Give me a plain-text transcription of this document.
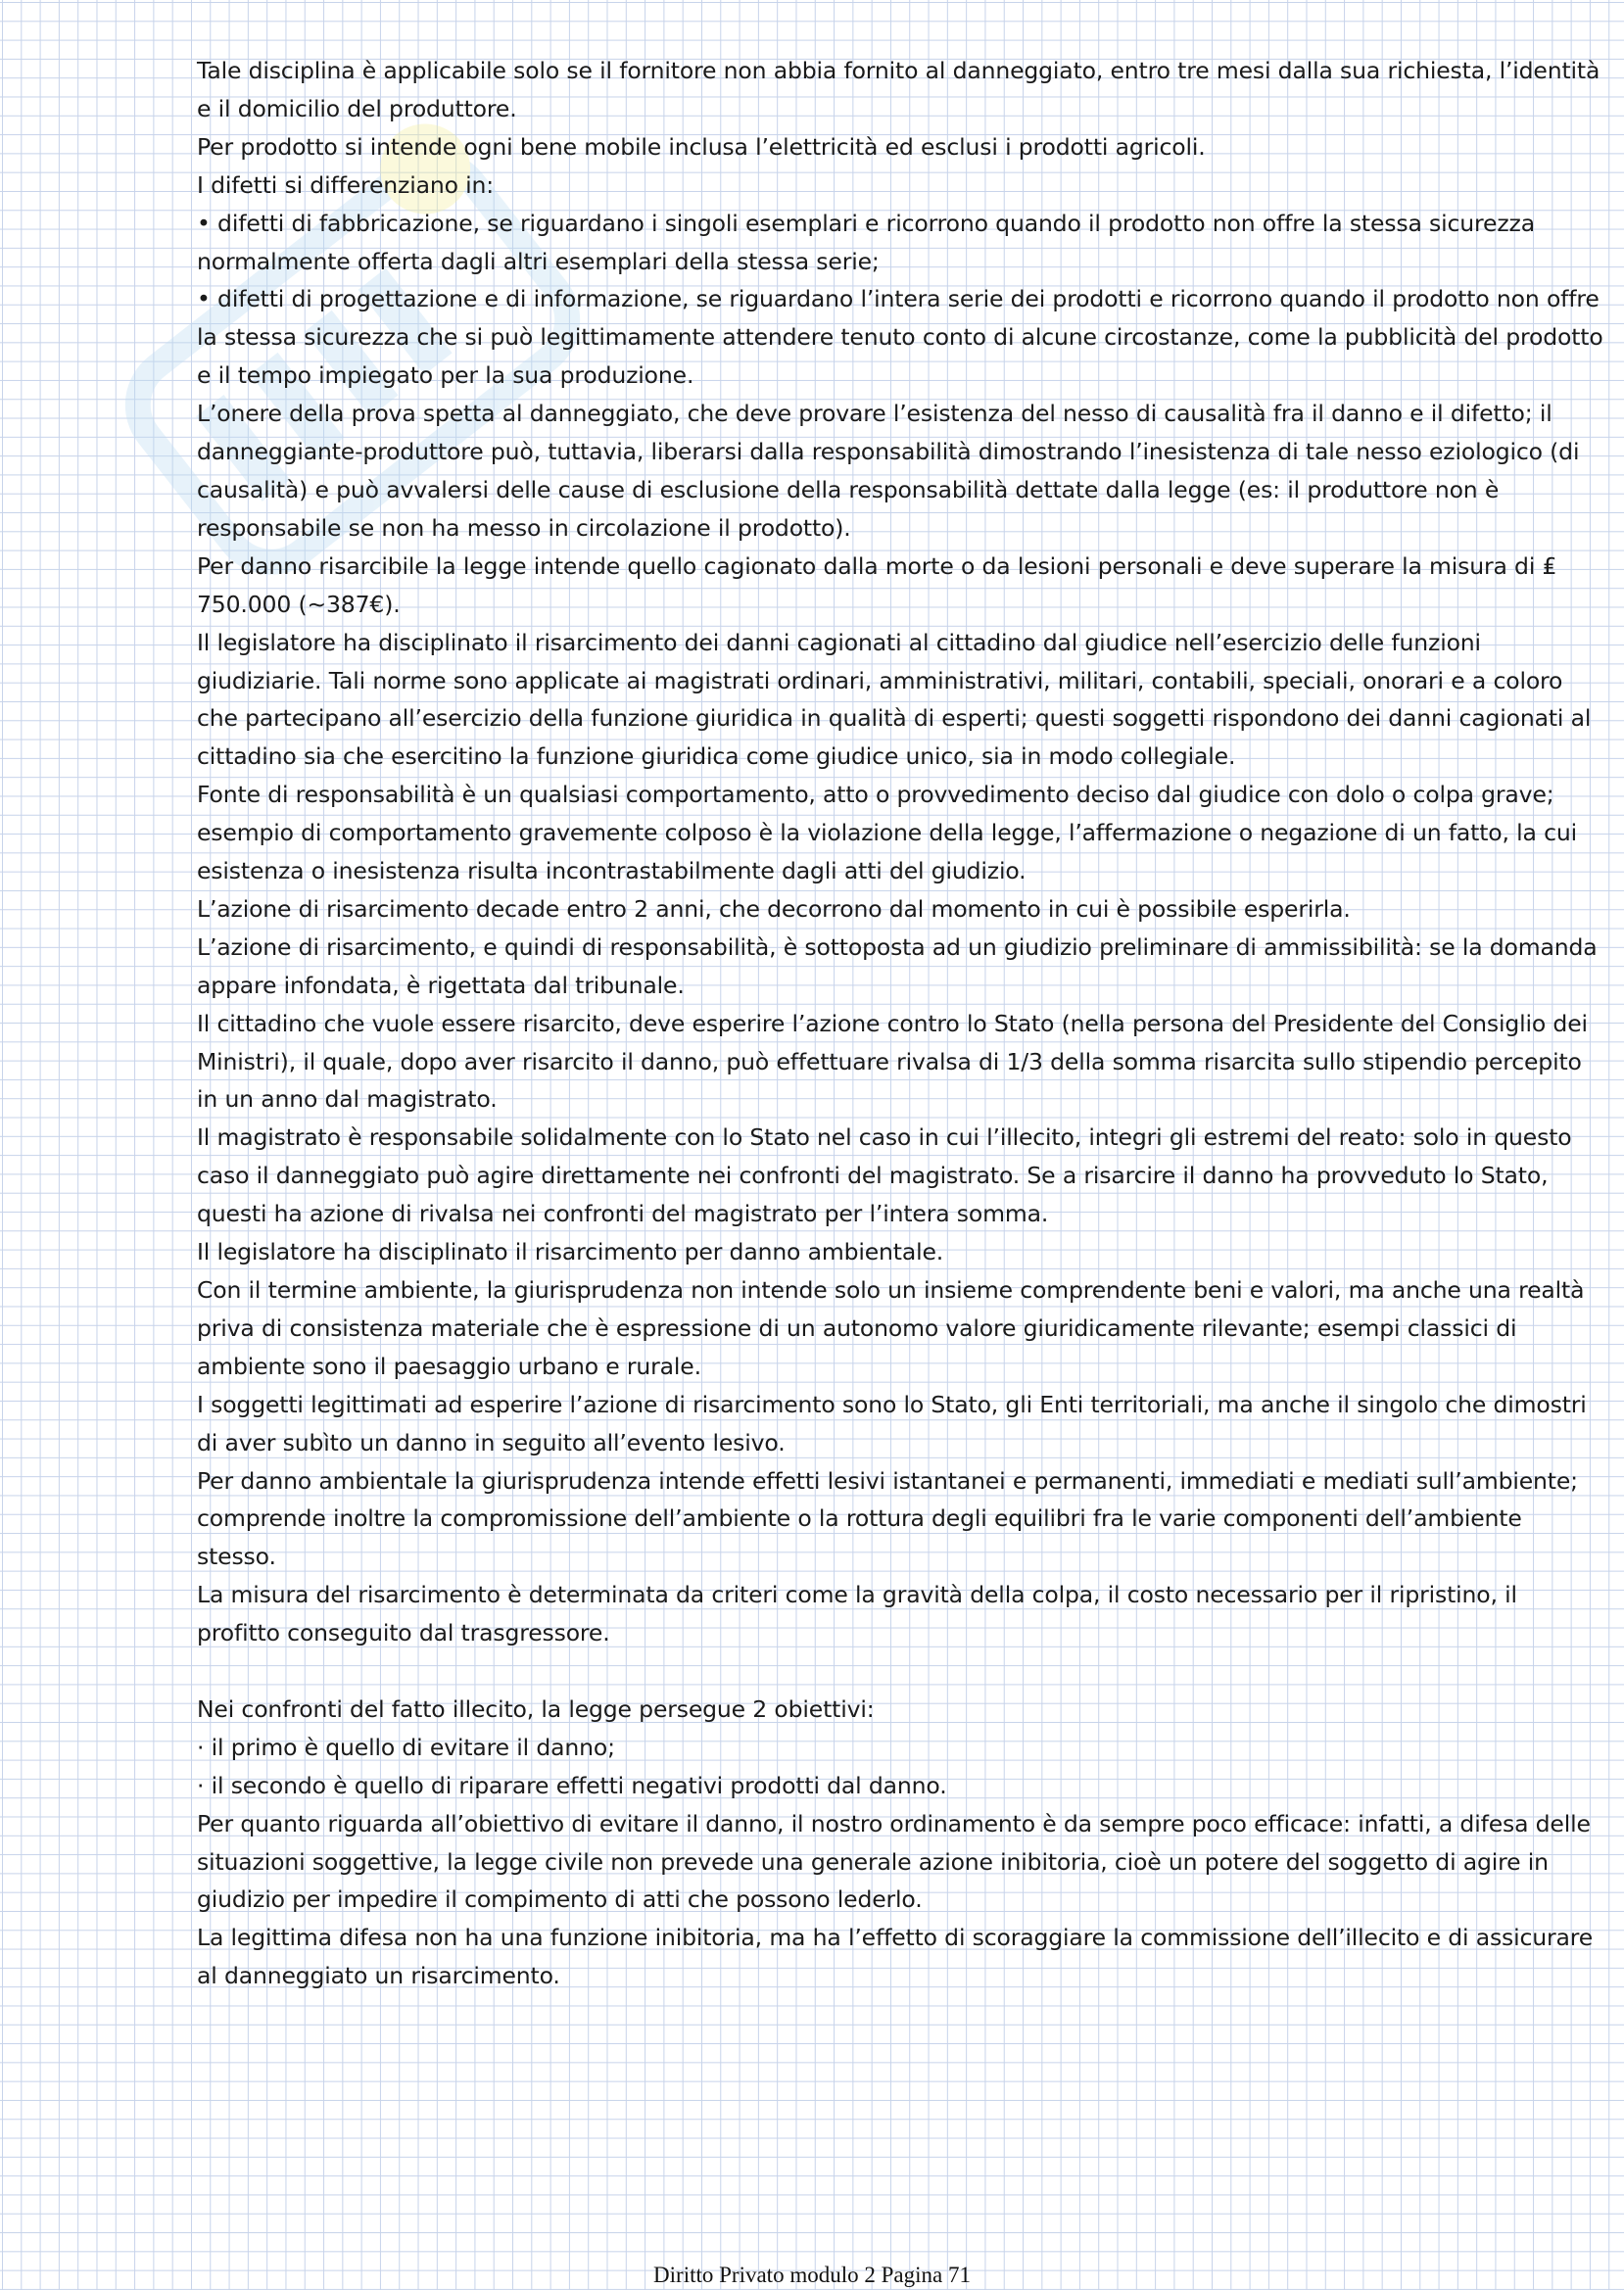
Tale disciplina è applicabile solo se il fornitore non abbia fornito al danneggiato, entro tre mesi dalla sua richiesta, l’identità e il domicilio del produttore.

Per prodotto si intende ogni bene mobile inclusa l’elettricità ed esclusi i prodotti agricoli.

I difetti si differenziano in:

• difetti di fabbricazione, se riguardano i singoli esemplari e ricorrono quando il prodotto non offre la stessa sicurezza normalmente offerta dagli altri esemplari della stessa serie;

• difetti di progettazione e di informazione, se riguardano l’intera serie dei prodotti e ricorrono quando il prodotto non offre la stessa sicurezza che si può legittimamente attendere tenuto conto di alcune circostanze, come la pubblicità del prodotto e il tempo impiegato per la sua produzione.

L’onere della prova spetta al danneggiato, che deve provare l’esistenza del nesso di causalità fra il danno e il difetto; il danneggiante-produttore può, tuttavia, liberarsi dalla responsabilità dimostrando l’inesistenza di tale nesso eziologico (di causalità) e può avvalersi delle cause di esclusione della responsabilità dettate dalla legge (es: il produttore non è responsabile se non ha messo in circolazione il prodotto).

Per danno risarcibile la legge intende quello cagionato dalla morte o da lesioni personali e deve superare la misura di ₤ 750.000 (∼387€).

Il legislatore ha disciplinato il risarcimento dei danni cagionati al cittadino dal giudice nell’esercizio delle funzioni giudiziarie. Tali norme sono applicate ai magistrati ordinari, amministrativi, militari, contabili, speciali, onorari e a coloro che partecipano all’esercizio della funzione giuridica in qualità di esperti; questi soggetti rispondono dei danni cagionati al cittadino sia che esercitino la funzione giuridica come giudice unico, sia in modo collegiale.

Fonte di responsabilità è un qualsiasi comportamento, atto o provvedimento deciso dal giudice con dolo o colpa grave; esempio di comportamento gravemente colposo è la violazione della legge, l’affermazione o negazione di un fatto, la cui esistenza o inesistenza risulta incontrastabilmente dagli atti del giudizio.

L’azione di risarcimento decade entro 2 anni, che decorrono dal momento in cui è possibile esperirla.

L’azione di risarcimento, e quindi di responsabilità, è sottoposta ad un giudizio preliminare di ammissibilità: se la domanda appare infondata, è rigettata dal tribunale.

Il cittadino che vuole essere risarcito, deve esperire l’azione contro lo Stato (nella persona del Presidente del Consiglio dei Ministri), il quale, dopo aver risarcito il danno, può effettuare rivalsa di 1/3 della somma risarcita sullo stipendio percepito in un anno dal magistrato.

Il magistrato è responsabile solidalmente con lo Stato nel caso in cui l’illecito, integri gli estremi del reato: solo in questo caso il danneggiato può agire direttamente nei confronti del magistrato. Se a risarcire il danno ha provveduto lo Stato, questi ha azione di rivalsa nei confronti del magistrato per l’intera somma.

Il legislatore ha disciplinato il risarcimento per danno ambientale.

Con il termine ambiente, la giurisprudenza non intende solo un insieme comprendente beni e valori, ma anche una realtà priva di consistenza materiale che è espressione di un autonomo valore giuridicamente rilevante; esempi classici di ambiente sono il paesaggio urbano e rurale.

I soggetti legittimati ad esperire l’azione di risarcimento sono lo Stato, gli Enti territoriali, ma anche il singolo che dimostri di aver subìto un danno in seguito all’evento lesivo.

Per danno ambientale la giurisprudenza intende effetti lesivi istantanei e permanenti, immediati e mediati sull’ambiente; comprende inoltre la compromissione dell’ambiente o la rottura degli equilibri fra le varie componenti dell’ambiente stesso.

La misura del risarcimento è determinata da criteri come la gravità della colpa, il costo necessario per il ripristino, il profitto conseguito dal trasgressore.

Nei confronti del fatto illecito, la legge persegue 2 obiettivi:

· il primo è quello di evitare il danno;

· il secondo è quello di riparare effetti negativi prodotti dal danno.

Per quanto riguarda all’obiettivo di evitare il danno, il nostro ordinamento è da sempre poco efficace: infatti, a difesa delle situazioni soggettive, la legge civile non prevede una generale azione inibitoria, cioè un potere del soggetto di agire in giudizio per impedire il compimento di atti che possono lederlo.

La legittima difesa non ha una funzione inibitoria, ma ha l’effetto di scoraggiare la commissione dell’illecito e di assicurare al danneggiato un risarcimento.

Diritto Privato modulo 2 Pagina 71
